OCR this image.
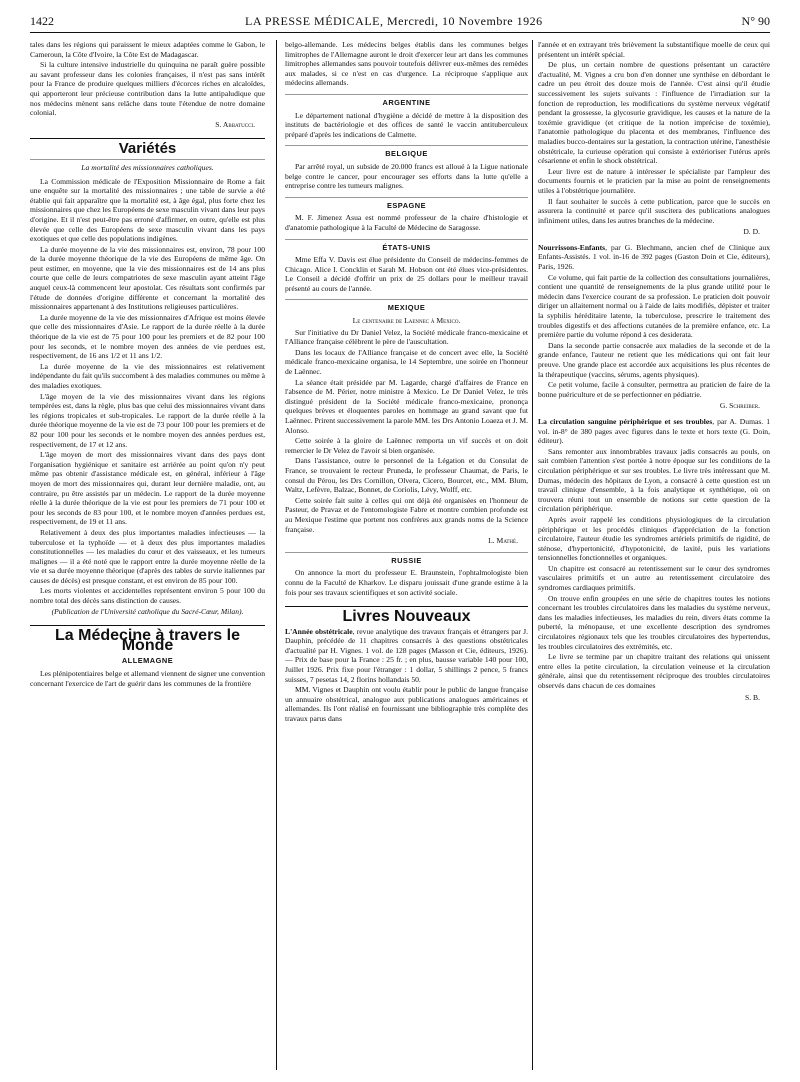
1422	LA PRESSE MÉDICALE, Mercredi, 10 Novembre 1926	N° 90

tales dans les régions qui paraissent le mieux adaptées comme le Gabon, le Cameroun, la Côte d'Ivoire, la Côte Est de Madagascar.

Si la culture intensive industrielle du quinquina ne paraît guère possible au savant professeur dans les colonies françaises, il n'est pas sans intérêt pour la France de produire quelques milliers d'écorces riches en alcaloïdes, qui apporteront leur précieuse contribution dans la lutte antipaludique que nos médecins mènent sans relâche dans toute l'étendue de notre domaine colonial.

S. Abbatucci.
Variétés
La mortalité des missionnaires catholiques.

La Commission médicale de l'Exposition Missionnaire de Rome a fait une enquête sur la mortalité des missionnaires ; une table de survie a été établie qui fait apparaître que la mortalité est, à âge égal, plus forte chez les missionnaires que chez les Européens de sexe masculin vivant dans leur pays d'origine. Et il n'est peut-être pas erroné d'affirmer, en outre, qu'elle est plus élevée que celle des Européens de sexe masculin vivant dans les pays exotiques et que celle des populations indigènes.

La durée moyenne de la vie des missionnaires est, environ, 78 pour 100 de la durée moyenne théorique de la vie des Européens de même âge. On peut estimer, en moyenne, que la vie des missionnaires est de 14 ans plus courte que celle de leurs compatriotes de sexe masculin ayant atteint l'âge auquel ceux-là commencent leur apostolat. Ces résultats sont confirmés par l'étude de données d'origine différente et concernant la mortalité des missionnaires appartenant à des Institutions religieuses particulières.

La durée moyenne de la vie des missionnaires d'Afrique est moins élevée que celle des missionnaires d'Asie. Le rapport de la durée réelle à la durée théorique de la vie est de 75 pour 100 pour les premiers et de 82 pour 100 pour les seconds, et le nombre moyen des années de vie perdues est, respectivement, de 16 ans 1/2 et 11 ans 1/2.

La durée moyenne de la vie des missionnaires est relativement indépendante du fait qu'ils succombent à des maladies communes ou même à des maladies exotiques.

L'âge moyen de la vie des missionnaires vivant dans les régions tempérées est, dans la règle, plus bas que celui des missionnaires vivant dans les régions tropicales et sub-tropicales. Le rapport de la durée réelle à la durée théorique moyenne de la vie est de 73 pour 100 pour les premiers et de 82 pour 100 pour les seconds et le nombre moyen des années perdues est, respectivement, de 17 et 12 ans.

L'âge moyen de mort des missionnaires vivant dans des pays dont l'organisation hygiénique et sanitaire est arriérée au point qu'on n'y peut même pas obtenir d'assistance médicale est, en général, inférieur à l'âge moyen de mort des missionnaires qui, durant leur dernière maladie, ont, au contraire, pu être assistés par un médecin. Le rapport de la durée moyenne réelle à la durée théorique de la vie est pour les premiers de 71 pour 100 et pour les seconds de 83 pour 100, et le nombre moyen d'années perdues est, respectivement, de 19 et 11 ans.

Relativement à deux des plus importantes maladies infectieuses — la tuberculose et la typhoïde — et à deux des plus importantes maladies constitutionnelles — les maladies du cœur et des vaisseaux, et les tumeurs malignes — il a été noté que le rapport entre la durée moyenne réelle de la vie et sa durée moyenne théorique (d'après des tables de survie italiennes par causes de décès) est presque constant, et est environ de 85 pour 100.

Les morts violentes et accidentelles représentent environ 5 pour 100 du nombre total des décès sans distinction de causes.

(Publication de l'Université catholique du Sacré-Cœur, Milan).
La Médecine à travers le Monde
ALLEMAGNE

Les plénipotentiaires belge et allemand viennent de signer une convention concernant l'exercice de l'art de guérir dans les communes de la frontière

belgo-allemande. Les médecins belges établis dans les communes belges limitrophes de l'Allemagne auront le droit d'exercer leur art dans les communes limitrophes allemandes sans pouvoir toutefois délivrer eux-mêmes des remèdes aux malades, si ce n'est en cas d'urgence. La réciproque s'applique aux médecins allemands.

ARGENTINE

Le département national d'hygiène a décidé de mettre à la disposition des instituts de bactériologie et des offices de santé le vaccin antituberculeux préparé d'après les indications de Calmette.

BELGIQUE

Par arrêté royal, un subside de 20.000 francs est alloué à la Ligue nationale belge contre le cancer, pour encourager ses efforts dans la lutte qu'elle a entreprise contre les tumeurs malignes.

ESPAGNE

M. F. Jimenez Asua est nommé professeur de la chaire d'histologie et d'anatomie pathologique à la Faculté de Médecine de Saragosse.

ÉTATS-UNIS

Mme Effa V. Davis est élue présidente du Conseil de médecins-femmes de Chicago. Alice I. Concklin et Sarah M. Hobson ont été élues vice-présidentes. Le Conseil a décidé d'offrir un prix de 25 dollars pour le meilleur travail présenté au cours de l'année.

MEXIQUE
Le centenaire de Laennec à Mexico.

Sur l'initiative du Dr Daniel Velez, la Société médicale franco-mexicaine et l'Alliance française célèbrent le père de l'auscultation.

Dans les locaux de l'Alliance française et de concert avec elle, la Société médicale franco-mexicaine organisa, le 14 Septembre, une soirée en l'honneur de Laënnec.

La séance était présidée par M. Lagarde, chargé d'affaires de France en l'absence de M. Périer, notre ministre à Mexico. Le Dr Daniel Velez, le très distingué président de la Société médicale franco-mexicaine, prononça quelques brèves et éloquentes paroles en hommage au grand savant que fut Laënnec. Prirent successivement la parole MM. les Drs Antonio Loaeza et J. M. Alonso.

Cette soirée à la gloire de Laënnec remporta un vif succès et on doit remercier le Dr Velez de l'avoir si bien organisée.

Dans l'assistance, outre le personnel de la Légation et du Consulat de France, se trouvaient le recteur Pruneda, le professeur Chaumat, de Paris, le consul du Pérou, les Drs Cornillon, Olvera, Cicero, Bourcet, etc., MM. Blum, Waltz, Lefèvre, Balzac, Bonnet, de Coriolis, Lévy, Wolff, etc.

Cette soirée fait suite à celles qui ont déjà été organisées en l'honneur de Pasteur, de Pravaz et de l'entomologiste Fabre et montre combien profonde est au Mexique l'estime que portent nos confrères aux grands noms de la Science française.

L. Mathé.
RUSSIE

On annonce la mort du professeur E. Braunstein, l'ophtalmologiste bien connu de la Faculté de Kharkov. Le disparu jouissait d'une grande estime à la fois pour ses travaux scientifiques et son activité sociale.

Livres Nouveaux

L'Année obstétricale, revue analytique des travaux français et étrangers par J. Dauphin, précédée de 11 chapitres consacrés à des questions obstétricales d'actualité par H. Vignes. 1 vol. de 128 pages (Masson et Cie, éditeurs, 1926). — Prix de base pour la France : 25 fr. ; en plus, bausse variable 140 pour 100, Juillet 1926. Prix fixe pour l'étranger : 1 dollar, 5 shillings 2 pence, 5 francs suisses, 7 pesetas 14, 2 florins hollandais 50.

MM. Vignes et Dauphin ont voulu établir pour le public de langue française un annuaire obstétrical, analogue aux publications analogues américaines et allemandes. Ils l'ont réalisé en fournissant une bibliographie très complète des travaux parus dans

l'année et en extrayant très brièvement la substantifique moelle de ceux qui présentent un intérêt spécial.

De plus, un certain nombre de questions présentant un caractère d'actualité, M. Vignes a cru bon d'en donner une synthèse en débordant le cadre un peu étroit des douze mois de l'année. C'est ainsi qu'il étudie successivement les sujets suivants : l'influence de l'irradiation sur la fonction de reproduction, les modifications du système nerveux végétatif pendant la grossesse, la glycosurie gravidique, les causes et la nature de la toxémie gravidique (et critique de la notion imprécise de toxémie), l'anatomie pathologique du placenta et des membranes, l'influence des maladies bucco-dentaires sur la gestation, la contraction utérine, l'anesthésie obstétricale, la curieuse opération qui consiste à extérioriser l'utérus après césarienne et enfin le shock obstétrical.

Leur livre est de nature à intéresser le spécialiste par l'ampleur des documents fournis et le praticien par la mise au point de renseignements utiles à l'obstétrique journalière.

Il faut souhaiter le succès à cette publication, parce que le succès en assurera la continuité et parce qu'il suscitera des publications analogues infiniment utiles, dans les autres branches de la médecine.

D. D.

Nourrissons-Enfants, par G. Blechmann, ancien chef de Clinique aux Enfants-Assistés. 1 vol. in-16 de 392 pages (Gaston Doin et Cie, éditeurs), Paris, 1926.

Ce volume, qui fait partie de la collection des consultations journalières, contient une quantité de renseignements de la plus grande utilité pour le médecin dans l'exercice courant de sa profession. Le praticien doit pouvoir diriger un allaitement normal ou à l'aide de laits modifiés, dépister et traiter la syphilis héréditaire latente, la tuberculose, prescrire le traitement des troubles digestifs et des affections cutanées de la première enfance, etc. La première partie du volume répond à ces desiderata.

Dans la seconde partie consacrée aux maladies de la seconde et de la grande enfance, l'auteur ne retient que les médications qui ont fait leur preuve. Une grande place est accordée aux acquisitions les plus récentes de la thérapeutique (vaccins, sérums, agents physiques).

Ce petit volume, facile à consulter, permettra au praticien de faire de la bonne puériculture et de se perfectionner en pédiatrie.

G. Schreiber.

La circulation sanguine périphérique et ses troubles, par A. Dumas. 1 vol. in-8° de 380 pages avec figures dans le texte et hors texte (G. Doin, éditeur).

Sans remonter aux innombrables travaux jadis consacrés au pouls, on sait combien l'attention s'est portée à notre époque sur les conditions de la circulation périphérique et sur ses troubles. Le livre très intéressant que M. Dumas, médecin des hôpitaux de Lyon, a consacré à cette question est un travail clinique d'ensemble, à la fois analytique et synthétique, où on trouvera réuni tout un ensemble de notions sur cette question de la circulation périphérique.

Après avoir rappelé les conditions physiologiques de la circulation périphérique et les procédés cliniques d'appréciation de la fonction circulatoire, l'auteur étudie les syndromes artériels primitifs de rigidité, de sténose, d'hypertonicité, d'hypotonicité, de laxité, puis les variations tensionnelles fonctionnelles et organiques.

Un chapitre est consacré au retentissement sur le cœur des syndromes vasculaires primitifs et un autre au retentissement circulatoire des syndromes cardiaques primitifs.

On trouve enfin groupées en une série de chapitres toutes les notions concernant les troubles circulatoires dans les maladies du système nerveux, dans les maladies infectieuses, les maladies du rein, divers états comme la puberté, la ménopause, et une excellente description des syndromes circulatoires régionaux tels que les troubles circulatoires des hypertendus, les troubles circulatoires des extrémités, etc.

Le livre se termine par un chapitre traitant des relations qui unissent entre elles la petite circulation, la circulation veineuse et la circulation générale, ainsi que du retentissement réciproque des troubles circulatoires observés dans chacun de ces domaines

S. B.
